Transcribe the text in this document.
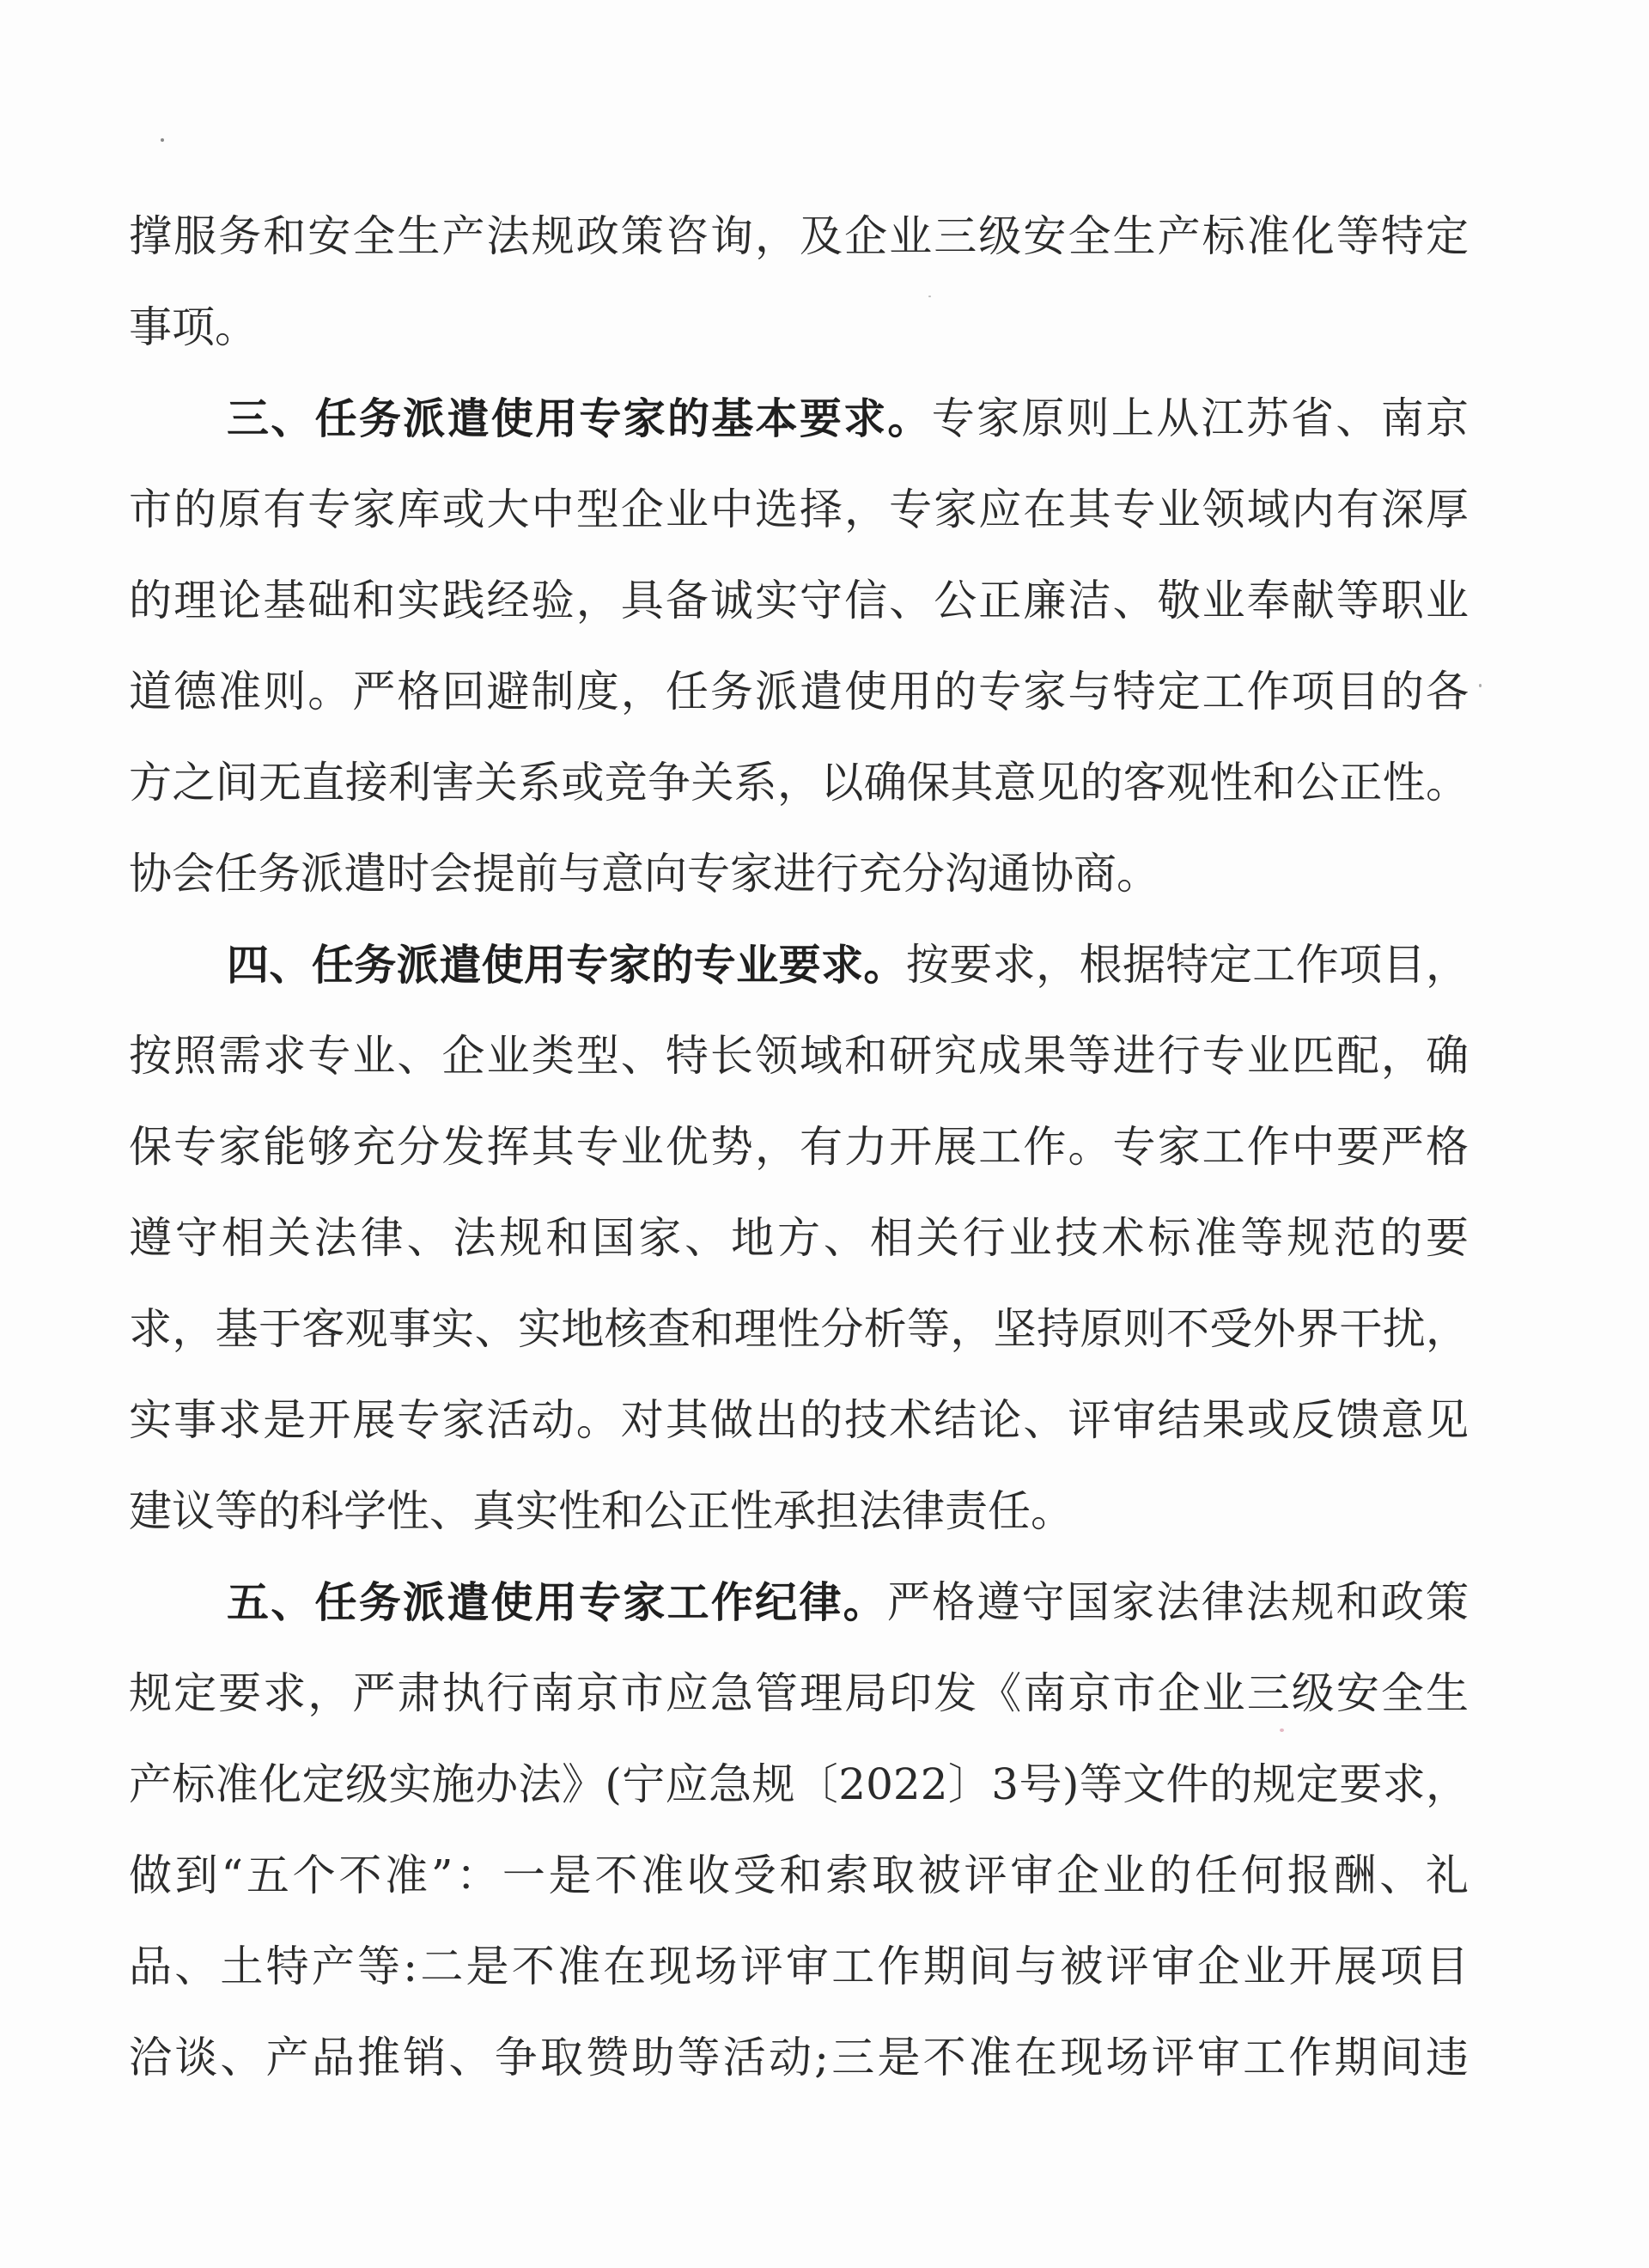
撑服务和安全生产法规政策咨询，及企业三级安全生产标准化等特定
事项。
三、任务派遣使用专家的基本要求。专家原则上从江苏省、南京
市的原有专家库或大中型企业中选择，专家应在其专业领域内有深厚
的理论基础和实践经验，具备诚实守信、公正廉洁、敬业奉献等职业
道德准则。严格回避制度，任务派遣使用的专家与特定工作项目的各
方之间无直接利害关系或竞争关系，以确保其意见的客观性和公正性。
协会任务派遣时会提前与意向专家进行充分沟通协商。
四、任务派遣使用专家的专业要求。按要求，根据特定工作项目，
按照需求专业、企业类型、特长领域和研究成果等进行专业匹配，确
保专家能够充分发挥其专业优势，有力开展工作。专家工作中要严格
遵守相关法律、法规和国家、地方、相关行业技术标准等规范的要
求，基于客观事实、实地核查和理性分析等，坚持原则不受外界干扰，
实事求是开展专家活动。对其做出的技术结论、评审结果或反馈意见
建议等的科学性、真实性和公正性承担法律责任。
五、任务派遣使用专家工作纪律。严格遵守国家法律法规和政策
规定要求，严肃执行南京市应急管理局印发《南京市企业三级安全生
产标准化定级实施办法》(宁应急规〔2022〕3号)等文件的规定要求，
做到“五个不准”：一是不准收受和索取被评审企业的任何报酬、礼
品、土特产等:二是不准在现场评审工作期间与被评审企业开展项目
洽谈、产品推销、争取赞助等活动;三是不准在现场评审工作期间违
